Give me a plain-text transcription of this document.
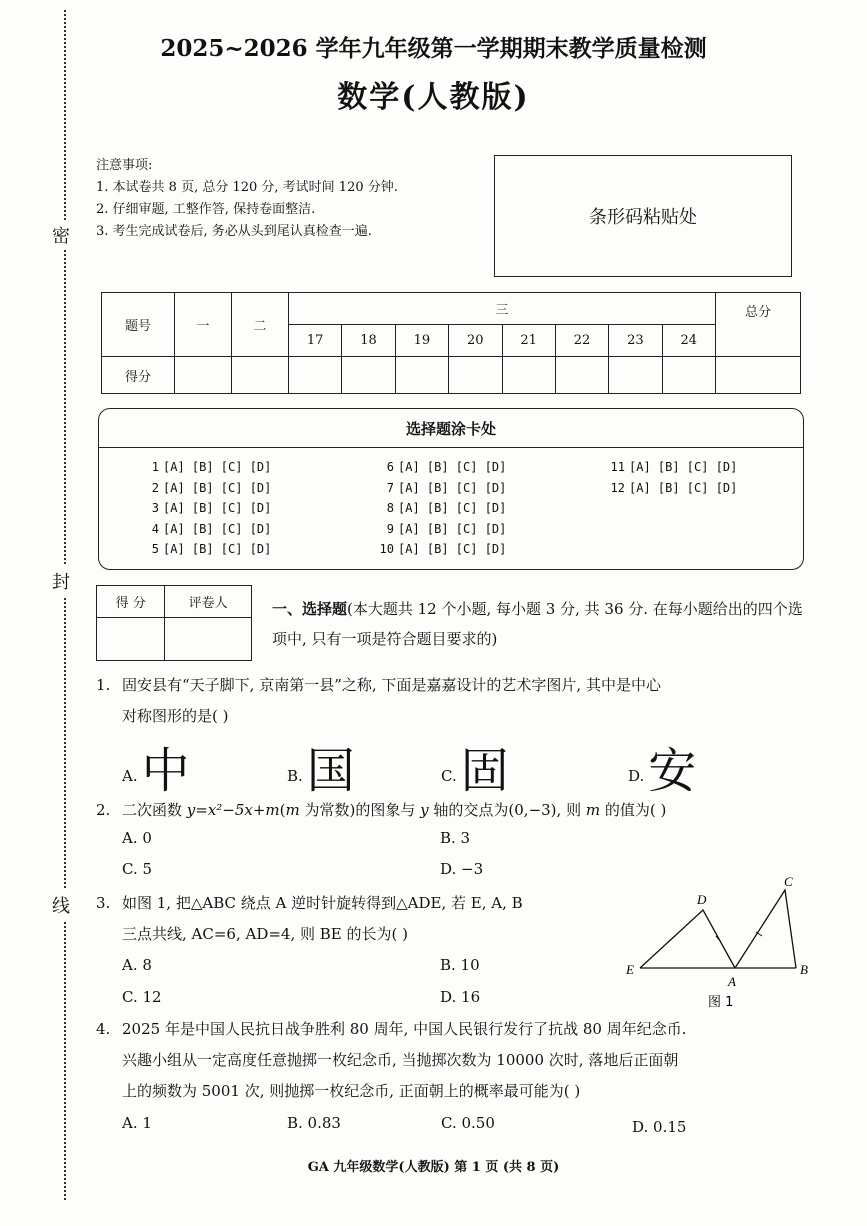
密
封
线
2025~2026 学年九年级第一学期期末教学质量检测
数学(人教版)
注意事项:
1. 本试卷共 8 页, 总分 120 分, 考试时间 120 分钟.
2. 仔细审题, 工整作答, 保持卷面整洁.
3. 考生完成试卷后, 务必从头到尾认真检查一遍.
条形码粘贴处
题号	一	二	三								总分
			17	18	19	20	21	22	23	24	
得分											
选择题涂卡处
1 [A] [B] [C] [D]
2 [A] [B] [C] [D]
3 [A] [B] [C] [D]
4 [A] [B] [C] [D]
5 [A] [B] [C] [D]
6 [A] [B] [C] [D]
7 [A] [B] [C] [D]
8 [A] [B] [C] [D]
9 [A] [B] [C] [D]
10 [A] [B] [C] [D]
11 [A] [B] [C] [D]
12 [A] [B] [C] [D]
得 分	评卷人
		一、选择题(本大题共 12 个小题, 每小题 3 分, 共 36 分. 在每小题给出的四个选项中, 只有一项是符合题目要求的)
1. 固安县有“天子脚下, 京南第一县”之称, 下面是嘉嘉设计的艺术字图片, 其中是中心
对称图形的是( )
A.中	B.国	C.固	D.安
2. 二次函数 y=x²−5x+m(m 为常数)的图象与 y 轴的交点为(0,−3), 则 m 的值为( )
A. 0	B. 3
C. 5	D. −3
3. 如图 1, 把△ABC 绕点 A 逆时针旋转得到△ADE, 若 E, A, B
三点共线, AC=6, AD=4, 则 BE 的长为( )
A. 8	B. 10
C. 12	D. 16
E
A
B
D
C
图 1
4. 2025 年是中国人民抗日战争胜利 80 周年, 中国人民银行发行了抗战 80 周年纪念币.
兴趣小组从一定高度任意抛掷一枚纪念币, 当抛掷次数为 10000 次时, 落地后正面朝
上的频数为 5001 次, 则抛掷一枚纪念币, 正面朝上的概率最可能为( )
A. 1	B. 0.83	C. 0.50	D. 0.15
GA 九年级数学(人教版) 第 1 页 (共 8 页)
